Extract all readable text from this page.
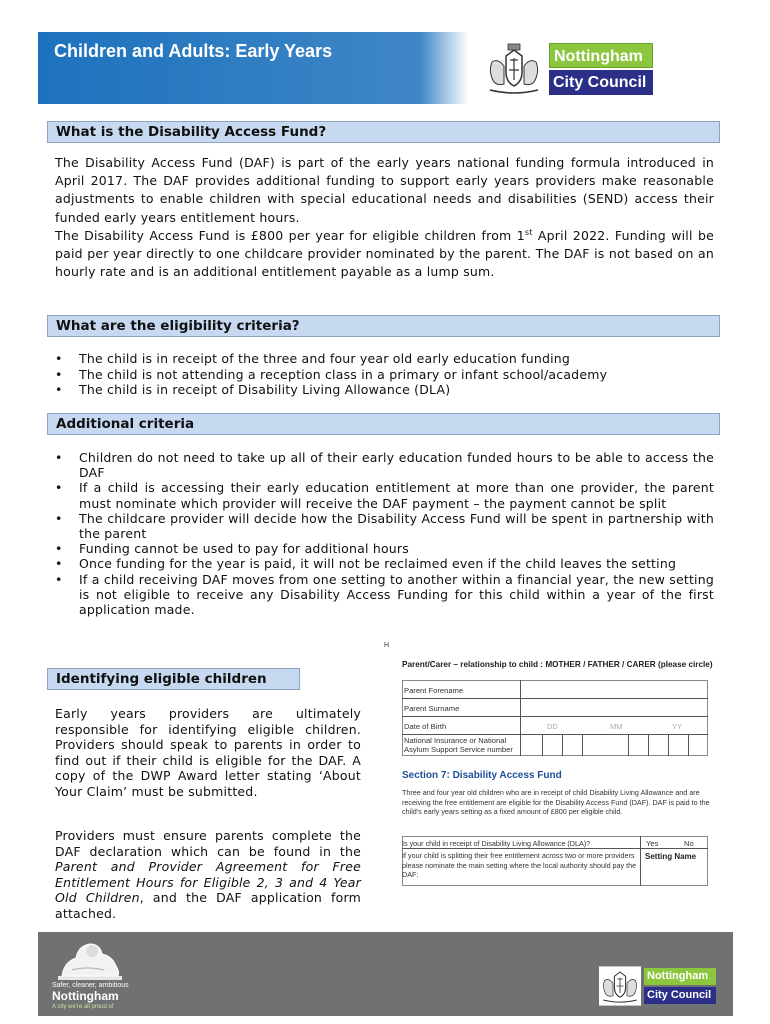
Children and Adults: Early Years	Nottingham
City Council
What is the Disability Access Fund?
The Disability Access Fund (DAF) is part of the early years national funding formula introduced in April 2017. The DAF provides additional funding to support early years providers make reasonable adjustments to enable children with special educational needs and disabilities (SEND) access their funded early years entitlement hours.
The Disability Access Fund is £800 per year for eligible children from 1st April 2022. Funding will be paid per year directly to one childcare provider nominated by the parent. The DAF is not based on an hourly rate and is an additional entitlement payable as a lump sum.
What are the eligibility criteria?
• The child is in receipt of the three and four year old early education funding
• The child is not attending a reception class in a primary or infant school/academy
• The child is in receipt of Disability Living Allowance (DLA)
Additional criteria
• Children do not need to take up all of their early education funded hours to be able to access the DAF
• If a child is accessing their early education entitlement at more than one provider, the parent must nominate which provider will receive the DAF payment – the payment cannot be split
• The childcare provider will decide how the Disability Access Fund will be spent in partnership with the parent
• Funding cannot be used to pay for additional hours
• Once funding for the year is paid, it will not be reclaimed even if the child leaves the setting
• If a child receiving DAF moves from one setting to another within a financial year, the new setting is not eligible to receive any Disability Access Funding for this child within a year of the first application made.
Identifying eligible children
Early years providers are ultimately responsible for identifying eligible children. Providers should speak to parents in order to find out if their child is eligible for the DAF. A copy of the DWP Award letter stating ‘About Your Claim’ must be submitted.
Providers must ensure parents complete the DAF declaration which can be found in the Parent and Provider Agreement for Free Entitlement Hours for Eligible 2, 3 and 4 Year Old Children, and the DAF application form attached.
H
Parent/Carer – relationship to child : MOTHER / FATHER / CARER (please circle)
Parent Forename
Parent Surname
Date of Birth	DD	MM	YY
National Insurance or National
Asylum Support Service number
Section 7: Disability Access Fund
Three and four year old children who are in receipt of child Disability Living Allowance and are receiving the free entitlement are eligible for the Disability Access Fund (DAF). DAF is paid to the child's early years setting as a fixed amount of £800 per eligible child.
Is your child in receipt of Disability Living Allowance (DLA)?	Yes	No
If your child is splitting their free entitlement across two or more providers please nominate the main setting where the local authority should pay the DAF:
Setting Name
Safer, cleaner, ambitious
Nottingham
A city we're all proud of
Nottingham
City Council
